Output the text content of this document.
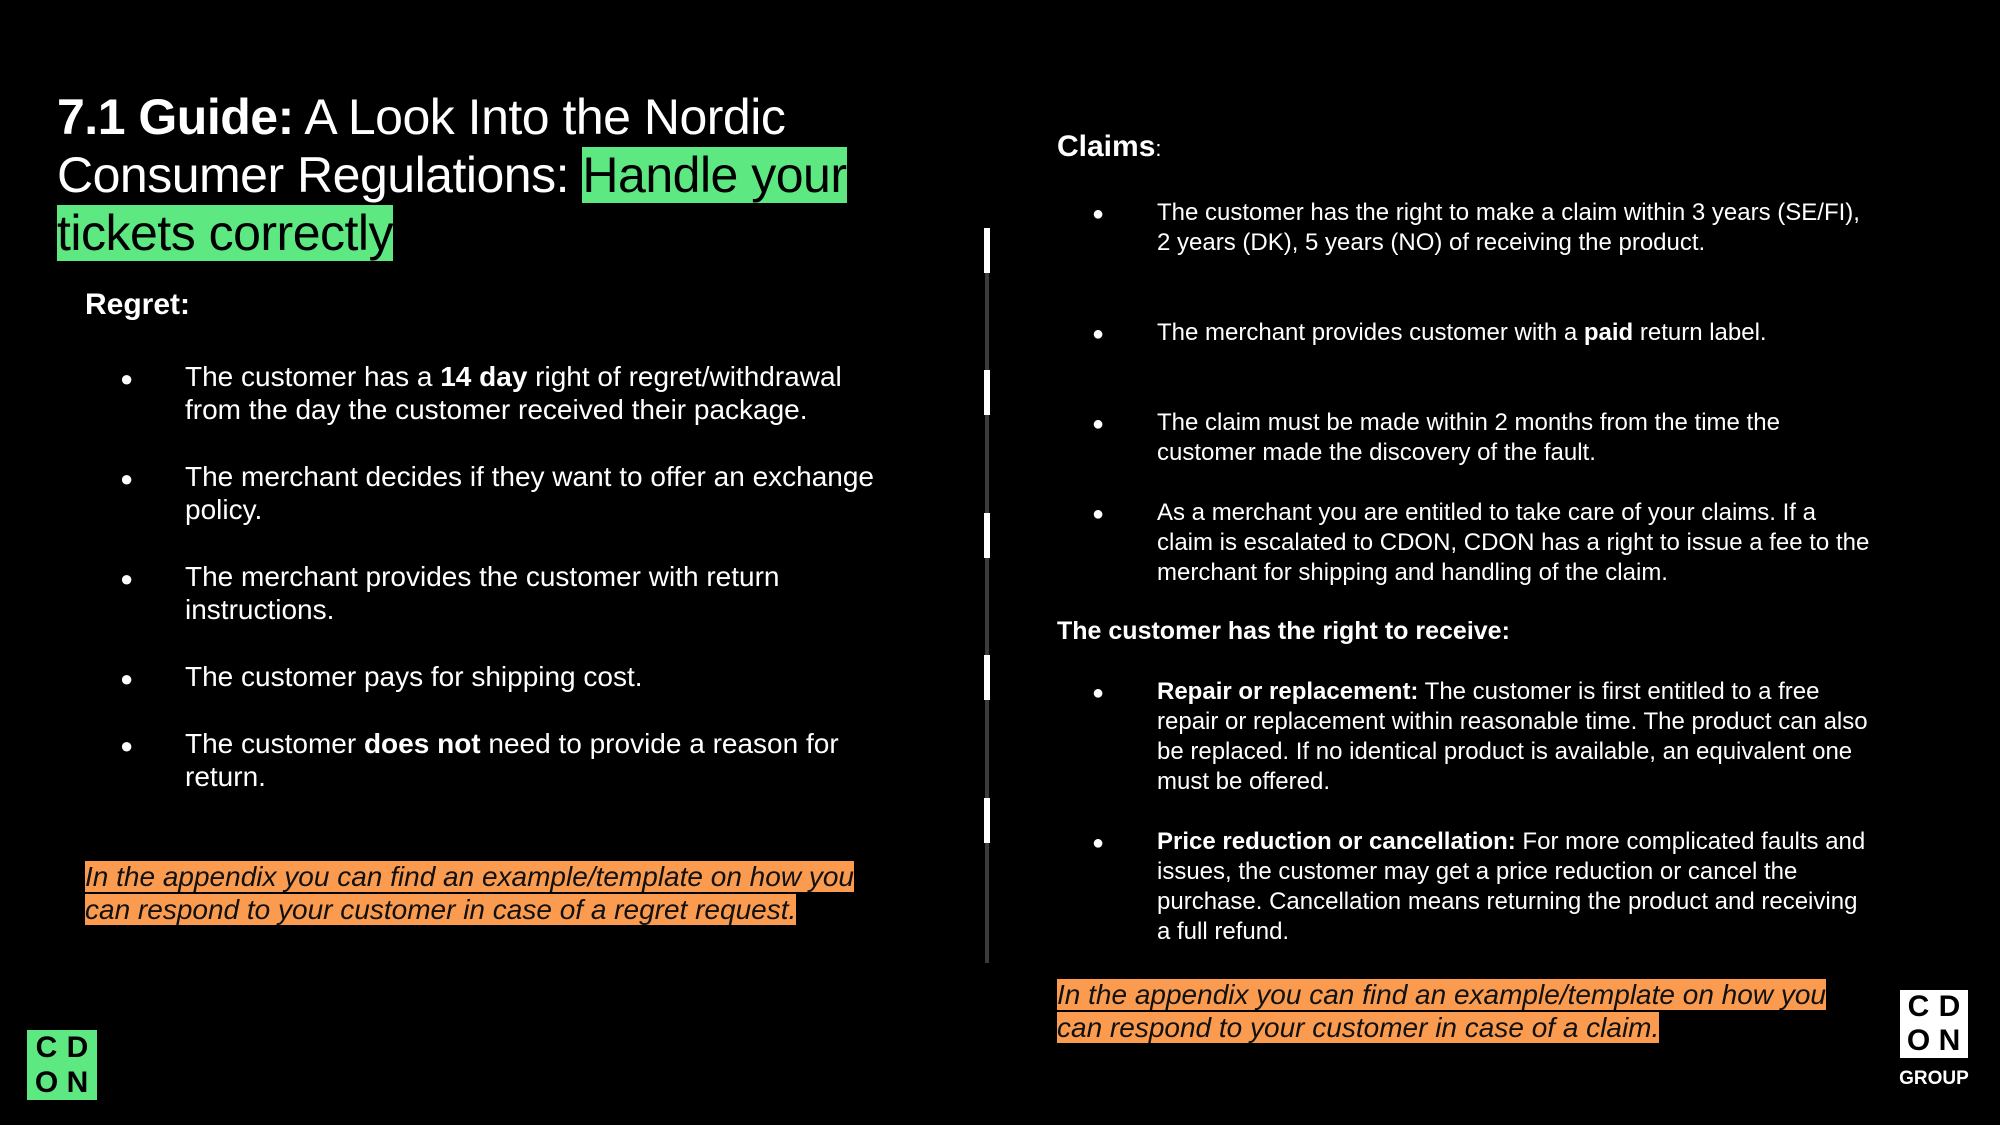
7.1 Guide: A Look Into the Nordic Consumer Regulations: Handle your tickets correctly
Regret:
● The customer has a 14 day right of regret/withdrawal from the day the customer received their package.
● The merchant decides if they want to offer an exchange policy.
● The merchant provides the customer with return instructions.
● The customer pays for shipping cost.
● The customer does not need to provide a reason for return.
In the appendix you can find an example/template on how you can respond to your customer in case of a regret request.
Claims:
● The customer has the right to make a claim within 3 years (SE/FI), 2 years (DK), 5 years (NO) of receiving the product.
● The merchant provides customer with a paid return label.
● The claim must be made within 2 months from the time the customer made the discovery of the fault.
● As a merchant you are entitled to take care of your claims. If a claim is escalated to CDON, CDON has a right to issue a fee to the merchant for shipping and handling of the claim.
The customer has the right to receive:
● Repair or replacement: The customer is first entitled to a free repair or replacement within reasonable time. The product can also be replaced. If no identical product is available, an equivalent one must be offered.
● Price reduction or cancellation: For more complicated faults and issues, the customer may get a price reduction or cancel the purchase. Cancellation means returning the product and receiving a full refund.
In the appendix you can find an example/template on how you can respond to your customer in case of a claim.
C D
O N
C D
O N
GROUP
